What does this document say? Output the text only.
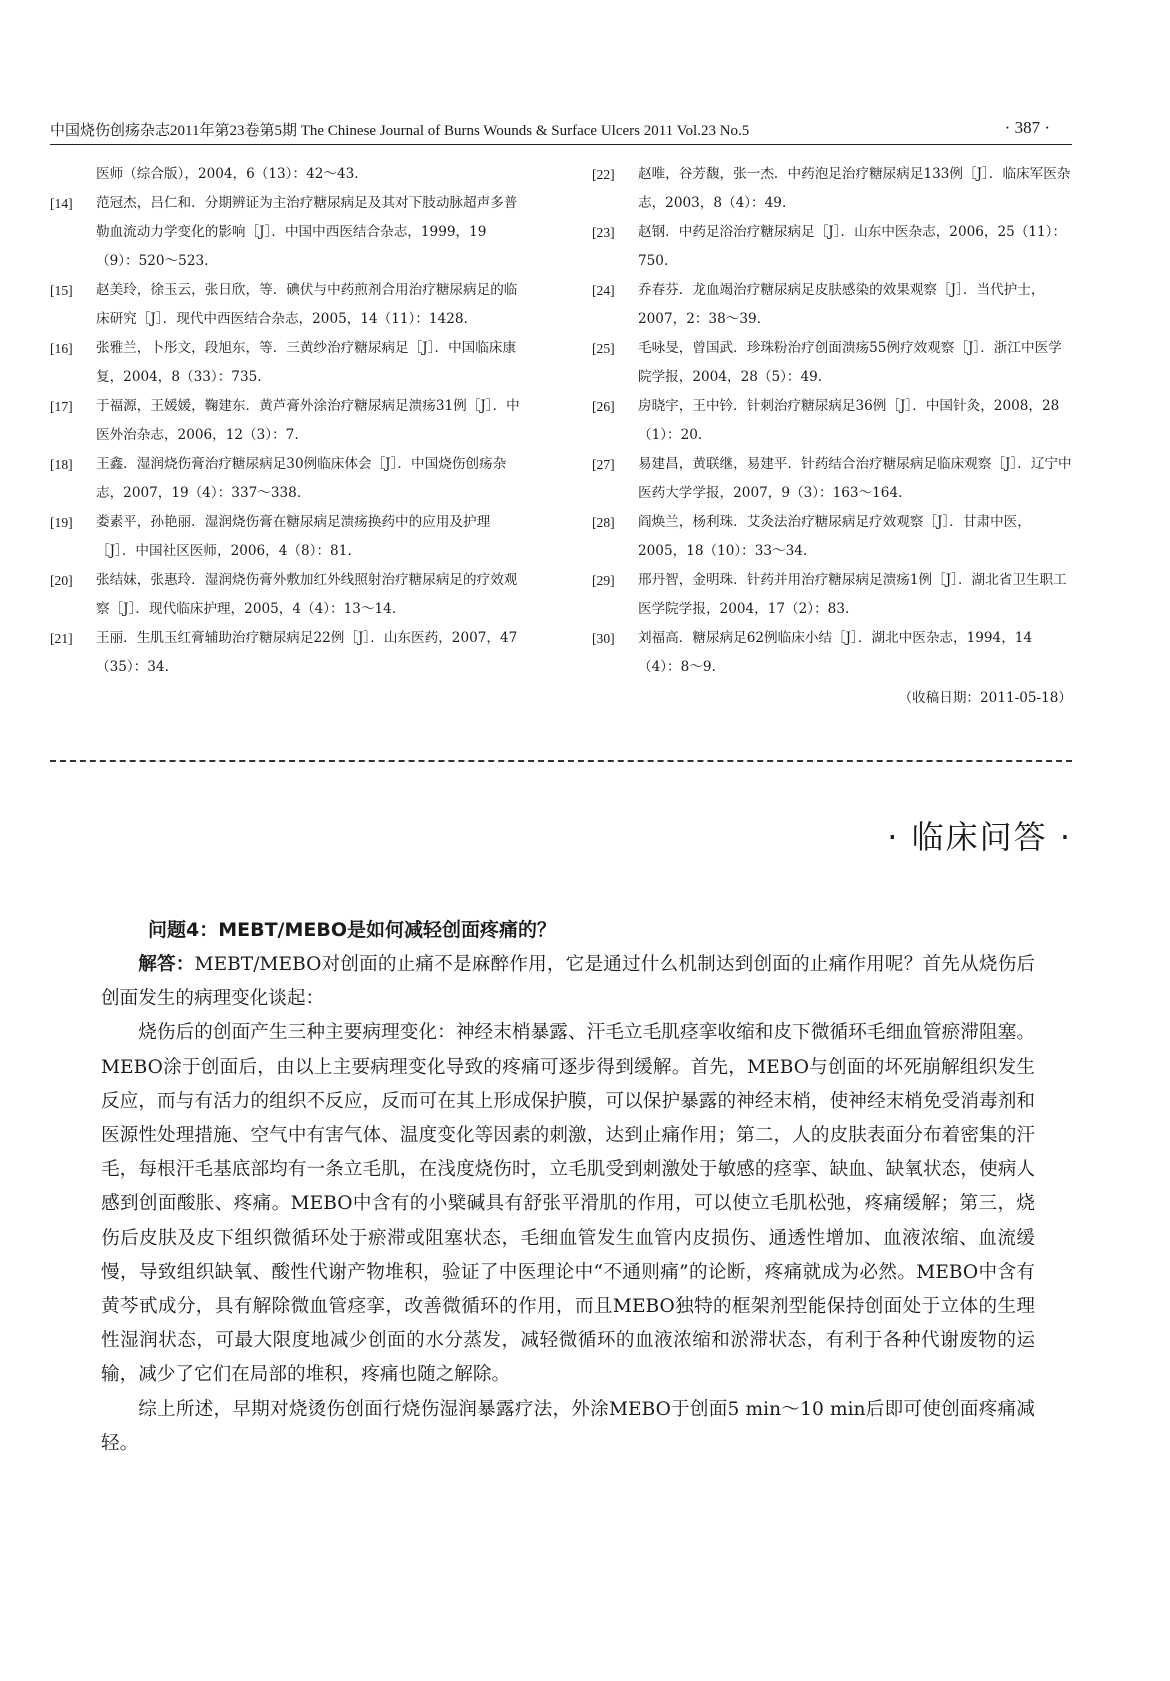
中国烧伤创疡杂志2011年第23卷第5期 The Chinese Journal of Burns Wounds & Surface Ulcers 2011 Vol.23 No.5	· 387 ·
医师（综合版），2004，6（13）：42～43.
[14] 范冠杰，吕仁和．分期辨证为主治疗糖尿病足及其对下肢动脉超声多普勒血流动力学变化的影响［J］．中国中西医结合杂志，1999，19（9）：520～523.
[15] 赵美玲，徐玉云，张日欣，等．碘伏与中药煎剂合用治疗糖尿病足的临床研究［J］．现代中西医结合杂志，2005，14（11）：1428.
[16] 张雅兰，卜彤文，段旭东，等．三黄纱治疗糖尿病足［J］．中国临床康复，2004，8（33）：735.
[17] 于福源，王媛媛，鞠建东．黄芦膏外涂治疗糖尿病足溃疡31例［J］．中医外治杂志，2006，12（3）：7.
[18] 王鑫．湿润烧伤膏治疗糖尿病足30例临床体会［J］．中国烧伤创疡杂志，2007，19（4）：337～338.
[19] 娄素平，孙艳丽．湿润烧伤膏在糖尿病足溃疡换药中的应用及护理［J］．中国社区医师，2006，4（8）：81.
[20] 张结妹，张惠玲．湿润烧伤膏外敷加红外线照射治疗糖尿病足的疗效观察［J］．现代临床护理，2005，4（4）：13～14.
[21] 王丽．生肌玉红膏辅助治疗糖尿病足22例［J］．山东医药，2007，47（35）：34.
[22] 赵唯，谷芳馥，张一杰．中药泡足治疗糖尿病足133例［J］．临床军医杂志，2003，8（4）：49.
[23] 赵钢．中药足浴治疗糖尿病足［J］．山东中医杂志，2006，25（11）：750.
[24] 乔春芬．龙血竭治疗糖尿病足皮肤感染的效果观察［J］．当代护士，2007，2：38～39.
[25] 毛咏旻，曾国武．珍珠粉治疗创面溃疡55例疗效观察［J］．浙江中医学院学报，2004，28（5）：49.
[26] 房晓宇，王中钤．针刺治疗糖尿病足36例［J］．中国针灸，2008，28（1）：20.
[27] 易建昌，黄联继，易建平．针药结合治疗糖尿病足临床观察［J］．辽宁中医药大学学报，2007，9（3）：163～164.
[28] 阎焕兰，杨利珠．艾灸法治疗糖尿病足疗效观察［J］．甘肃中医，2005，18（10）：33～34.
[29] 邢丹智，金明珠．针药并用治疗糖尿病足溃疡1例［J］．湖北省卫生职工医学院学报，2004，17（2）：83.
[30] 刘福高．糖尿病足62例临床小结［J］．湖北中医杂志，1994，14（4）：8～9.
（收稿日期：2011-05-18）
· 临床问答 ·
问题4：MEBT/MEBO是如何减轻创面疼痛的？

解答：MEBT/MEBO对创面的止痛不是麻醉作用，它是通过什么机制达到创面的止痛作用呢？首先从烧伤后创面发生的病理变化谈起：

烧伤后的创面产生三种主要病理变化：神经末梢暴露、汗毛立毛肌痉挛收缩和皮下微循环毛细血管瘀滞阻塞。MEBO涂于创面后，由以上主要病理变化导致的疼痛可逐步得到缓解。首先，MEBO与创面的坏死崩解组织发生反应，而与有活力的组织不反应，反而可在其上形成保护膜，可以保护暴露的神经末梢，使神经末梢免受消毒剂和医源性处理措施、空气中有害气体、温度变化等因素的刺激，达到止痛作用；第二，人的皮肤表面分布着密集的汗毛，每根汗毛基底部均有一条立毛肌，在浅度烧伤时，立毛肌受到刺激处于敏感的痉挛、缺血、缺氧状态，使病人感到创面酸胀、疼痛。MEBO中含有的小檗碱具有舒张平滑肌的作用，可以使立毛肌松弛，疼痛缓解；第三，烧伤后皮肤及皮下组织微循环处于瘀滞或阻塞状态，毛细血管发生血管内皮损伤、通透性增加、血液浓缩、血流缓慢，导致组织缺氧、酸性代谢产物堆积，验证了中医理论中“不通则痛”的论断，疼痛就成为必然。MEBO中含有黄芩甙成分，具有解除微血管痉挛，改善微循环的作用，而且MEBO独特的框架剂型能保持创面处于立体的生理性湿润状态，可最大限度地减少创面的水分蒸发，减轻微循环的血液浓缩和淤滞状态，有利于各种代谢废物的运输，减少了它们在局部的堆积，疼痛也随之解除。

综上所述，早期对烧烫伤创面行烧伤湿润暴露疗法，外涂MEBO于创面5 min～10 min后即可使创面疼痛减轻。
